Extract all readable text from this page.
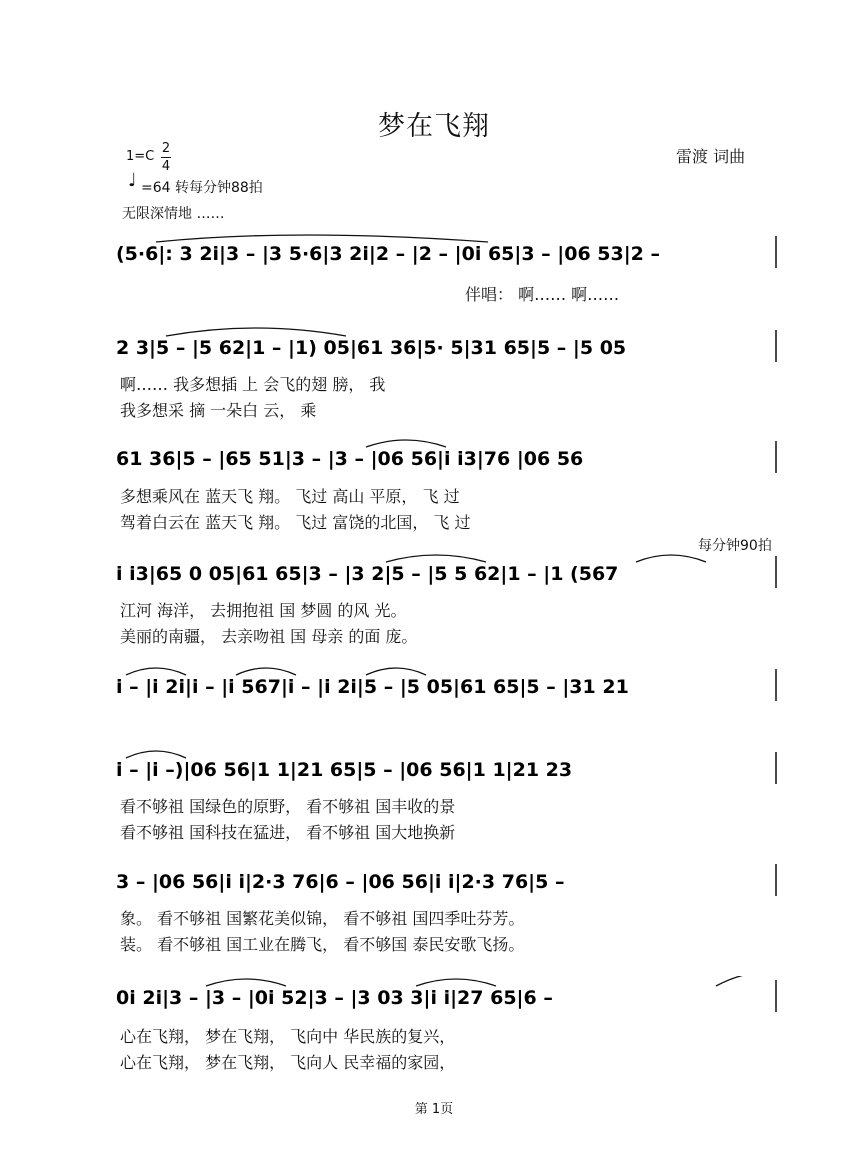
梦在飞翔
雷渡 词曲
1=C
2
4
♩ =64 转每分钟88拍
无限深情地 ……
(5·6|: 3 2i|3 – |3 5·6|3 2i|2 – |2 – |0i 65|3 – |06 53|2 –
伴唱： 啊…… 啊……
2 3|5 – |5 62|1 – |1) 05|61 36|5· 5|31 65|5 – |5 05
啊…… 我多想插 上 会飞的翅 膀， 我
我多想采 摘 一朵白 云， 乘
61 36|5 – |65 51|3 – |3 – |06 56|i i3|76 |06 56
多想乘风在 蓝天飞 翔。 飞过 高山 平原， 飞 过
驾着白云在 蓝天飞 翔。 飞过 富饶的北国， 飞 过
每分钟90拍
i i3|65 0 05|61 65|3 – |3 2|5 – |5 5 62|1 – |1 (567
江河 海洋， 去拥抱祖 国 梦圆 的风 光。
美丽的南疆， 去亲吻祖 国 母亲 的面 庞。
i – |i 2i|i – |i 567|i – |i 2i|5 – |5 05|61 65|5 – |31 21
i – |i –)|06 56|1 1|21 65|5 – |06 56|1 1|21 23
看不够祖 国绿色的原野， 看不够祖 国丰收的景
看不够祖 国科技在猛进， 看不够祖 国大地换新
3 – |06 56|i i|2·3 76|6 – |06 56|i i|2·3 76|5 –
象。 看不够祖 国繁花美似锦， 看不够祖 国四季吐芬芳。
装。 看不够祖 国工业在腾飞， 看不够国 泰民安歌飞扬。
0i 2i|3 – |3 – |0i 52|3 – |3 03 3|i i|27 65|6 –
心在飞翔， 梦在飞翔， 飞向中 华民族的复兴，
心在飞翔， 梦在飞翔， 飞向人 民幸福的家园，
第 1页
